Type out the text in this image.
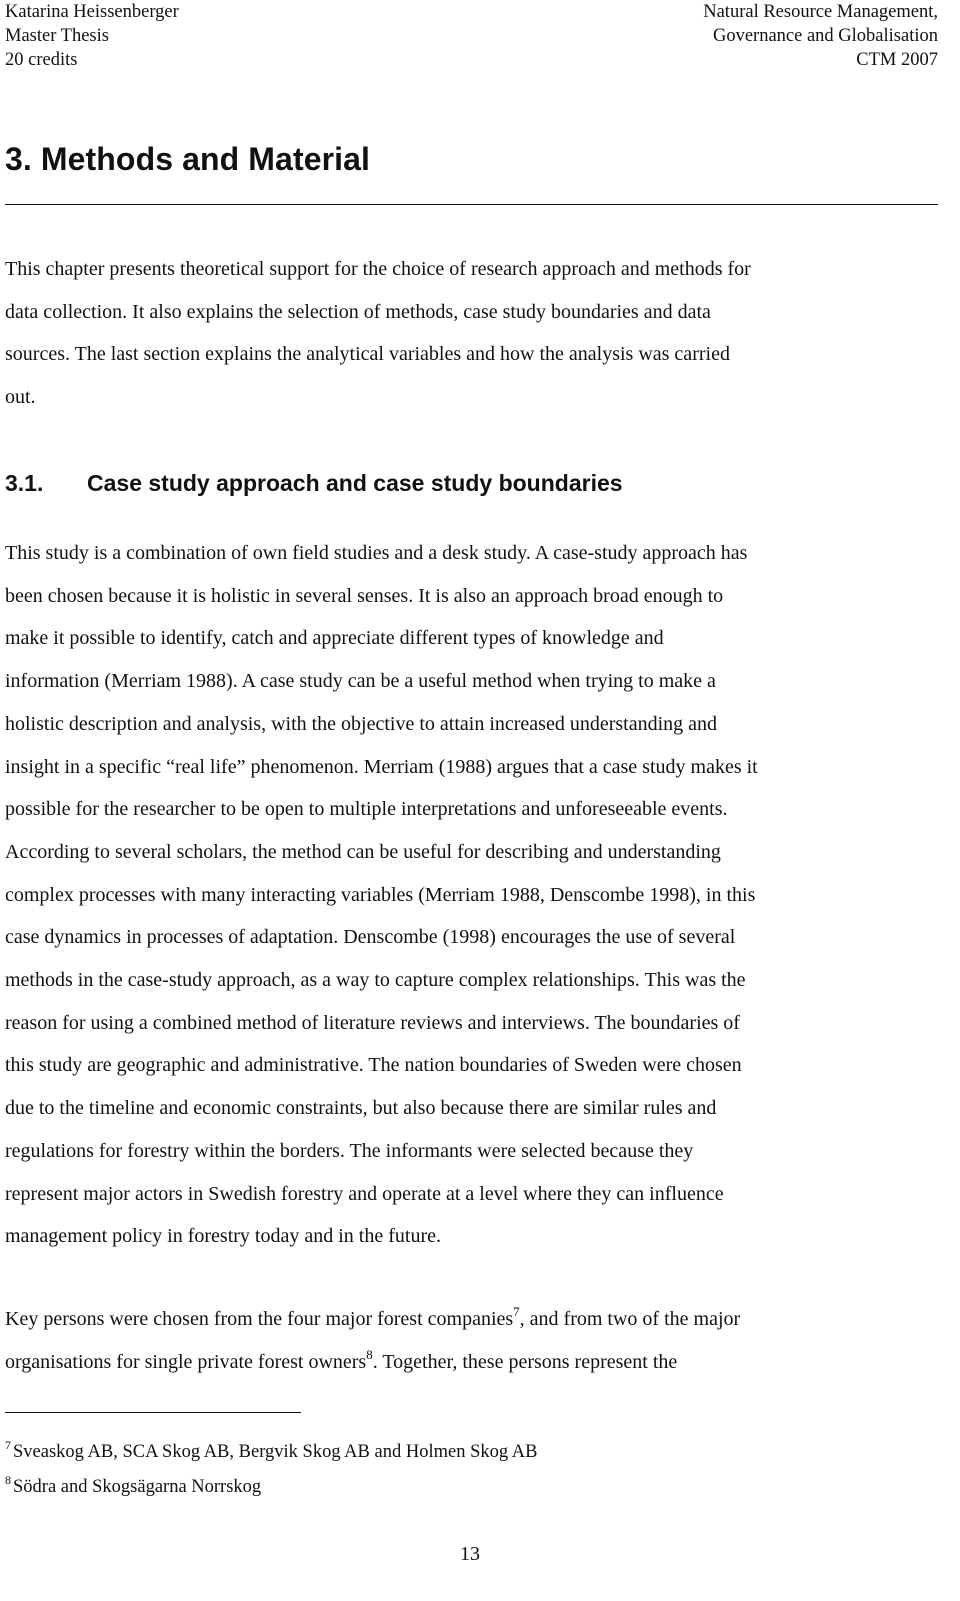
Katarina Heissenberger
Master Thesis
20 credits
Natural Resource Management,
Governance and Globalisation
CTM 2007
3. Methods and Material
This chapter presents theoretical support for the choice of research approach and methods for
data collection. It also explains the selection of methods, case study boundaries and data
sources. The last section explains the analytical variables and how the analysis was carried
out.
3.1. Case study approach and case study boundaries
This study is a combination of own field studies and a desk study. A case-study approach has
been chosen because it is holistic in several senses. It is also an approach broad enough to
make it possible to identify, catch and appreciate different types of knowledge and
information (Merriam 1988). A case study can be a useful method when trying to make a
holistic description and analysis, with the objective to attain increased understanding and
insight in a specific “real life” phenomenon. Merriam (1988) argues that a case study makes it
possible for the researcher to be open to multiple interpretations and unforeseeable events.
According to several scholars, the method can be useful for describing and understanding
complex processes with many interacting variables (Merriam 1988, Denscombe 1998), in this
case dynamics in processes of adaptation. Denscombe (1998) encourages the use of several
methods in the case-study approach, as a way to capture complex relationships. This was the
reason for using a combined method of literature reviews and interviews. The boundaries of
this study are geographic and administrative. The nation boundaries of Sweden were chosen
due to the timeline and economic constraints, but also because there are similar rules and
regulations for forestry within the borders. The informants were selected because they
represent major actors in Swedish forestry and operate at a level where they can influence
management policy in forestry today and in the future.
Key persons were chosen from the four major forest companies$^7$, and from two of the major
organisations for single private forest owners$^8$. Together, these persons represent the
$^7$ Sveaskog AB, SCA Skog AB, Bergvik Skog AB and Holmen Skog AB
$^8$ Södra and Skogsägarna Norrskog
13
